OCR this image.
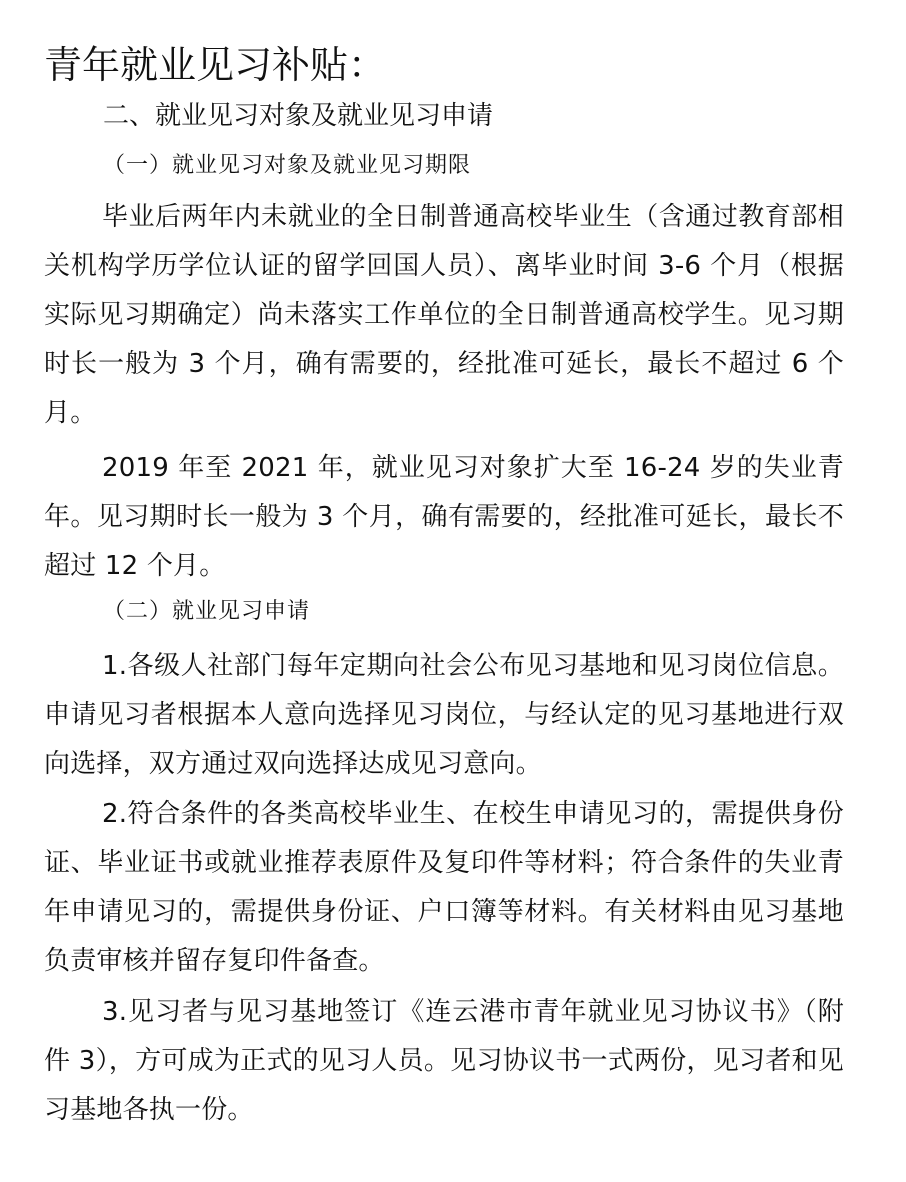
青年就业见习补贴：
二、就业见习对象及就业见习申请
（一）就业见习对象及就业见习期限
毕业后两年内未就业的全日制普通高校毕业生（含通过教育部相关机构学历学位认证的留学回国人员）、离毕业时间 3-6 个月（根据实际见习期确定）尚未落实工作单位的全日制普通高校学生。见习期时长一般为 3 个月，确有需要的，经批准可延长，最长不超过 6 个月。
2019 年至 2021 年，就业见习对象扩大至 16-24 岁的失业青年。见习期时长一般为 3 个月，确有需要的，经批准可延长，最长不超过 12 个月。
（二）就业见习申请
1.各级人社部门每年定期向社会公布见习基地和见习岗位信息。申请见习者根据本人意向选择见习岗位，与经认定的见习基地进行双向选择，双方通过双向选择达成见习意向。
2.符合条件的各类高校毕业生、在校生申请见习的，需提供身份证、毕业证书或就业推荐表原件及复印件等材料；符合条件的失业青年申请见习的，需提供身份证、户口簿等材料。有关材料由见习基地负责审核并留存复印件备查。
3.见习者与见习基地签订《连云港市青年就业见习协议书》（附件 3），方可成为正式的见习人员。见习协议书一式两份，见习者和见习基地各执一份。
